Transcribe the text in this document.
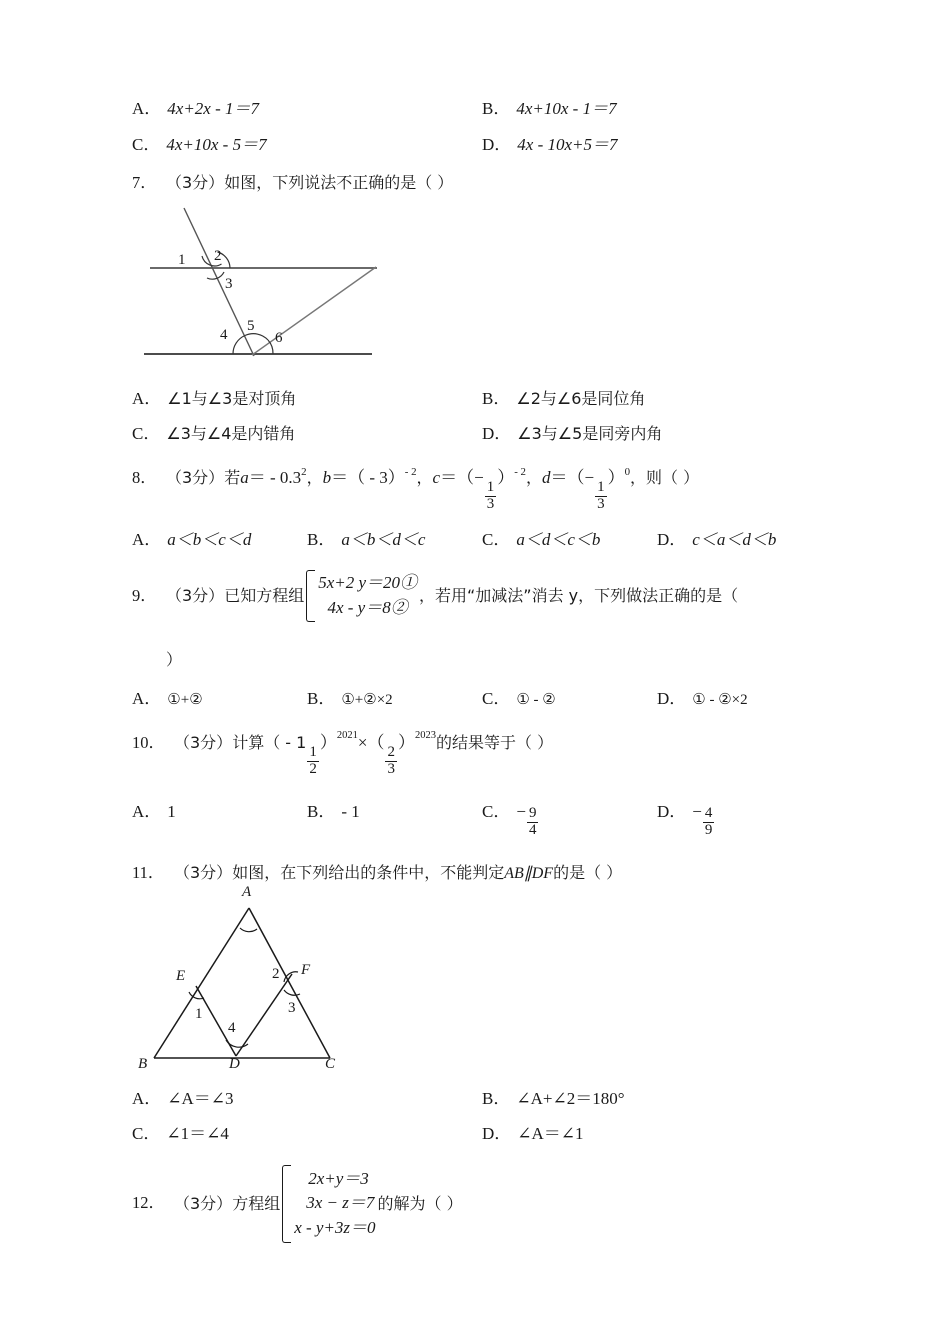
A． 4x+2x - 1＝7	B． 4x+10x - 1＝7
C． 4x+10x - 5＝7	D． 4x - 10x+5＝7
7． （3分）如图，下列说法不正确的是（ ）
1 2
3
4
5
6
A． ∠1与∠3是对顶角	B． ∠2与∠6是同位角
C． ∠3与∠4是内错角	D． ∠3与∠5是同旁内角
8． （3分）若$a= - 0.3^2$，b＝（ - 3）$^{- 2}$，c＝（−
$\frac{1}{3}$
）$^{- 2}$，d＝（−
$\frac{1}{3}$
）$^0$，则（ ）
A． a＜b＜c＜d	B． a＜b＜d＜c	C． a＜d＜c＜b	D． c＜a＜d＜b
9． （3分） 已知方程组
5x+2 y＝20①
4x - y＝8②
，若用“加减法”消去 y，下列做法正确的是（
）
A． ①+②	B． ①+②×2	C． ① - ②	D． ① - ②×2
10． （3分）计算（ - 1
$\frac{1}{2}$
）$^{2021}$×（
$\frac{2}{3}$
）$^{2023}$的结果等于（ ）
A． 1	B． - 1	C． − $\frac{9}{4}$	D． − $\frac{4}{9}$
11． （3分）如图，在下列给出的条件中，不能判定AB∥DF的是（ ）
A
B	C
D
E	F
1
2
3
4
A． ∠A＝∠3	B． ∠A+∠2＝180°
C． ∠1＝∠4	D． ∠A＝∠1
12． （3分） 方程组
2x+y＝3
3x − z＝7
x - y+3z＝0
的解为（ ）
